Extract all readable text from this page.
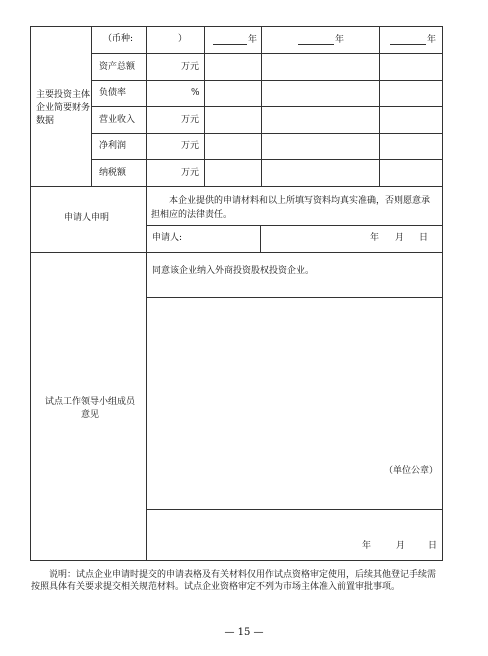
主要投资主体企业简要财务数据
（币种:	）	年	年	年
资产总额	万元
负债率	%
营业收入	万元
净利润	万元
纳税额	万元
申请人申明
本企业提供的申请材料和以上所填写资料均真实准确，否则愿意承担相应的法律责任。
申请人:	年 月 日
试点工作领导小组成员意见
同意该企业纳入外商投资股权投资企业。
（单位公章）
年	月	日
说明：试点企业申请时提交的申请表格及有关材料仅用作试点资格审定使用，后续其他登记手续需按照具体有关要求提交相关规范材料。试点企业资格审定不列为市场主体准入前置审批事项。
— 15 —
